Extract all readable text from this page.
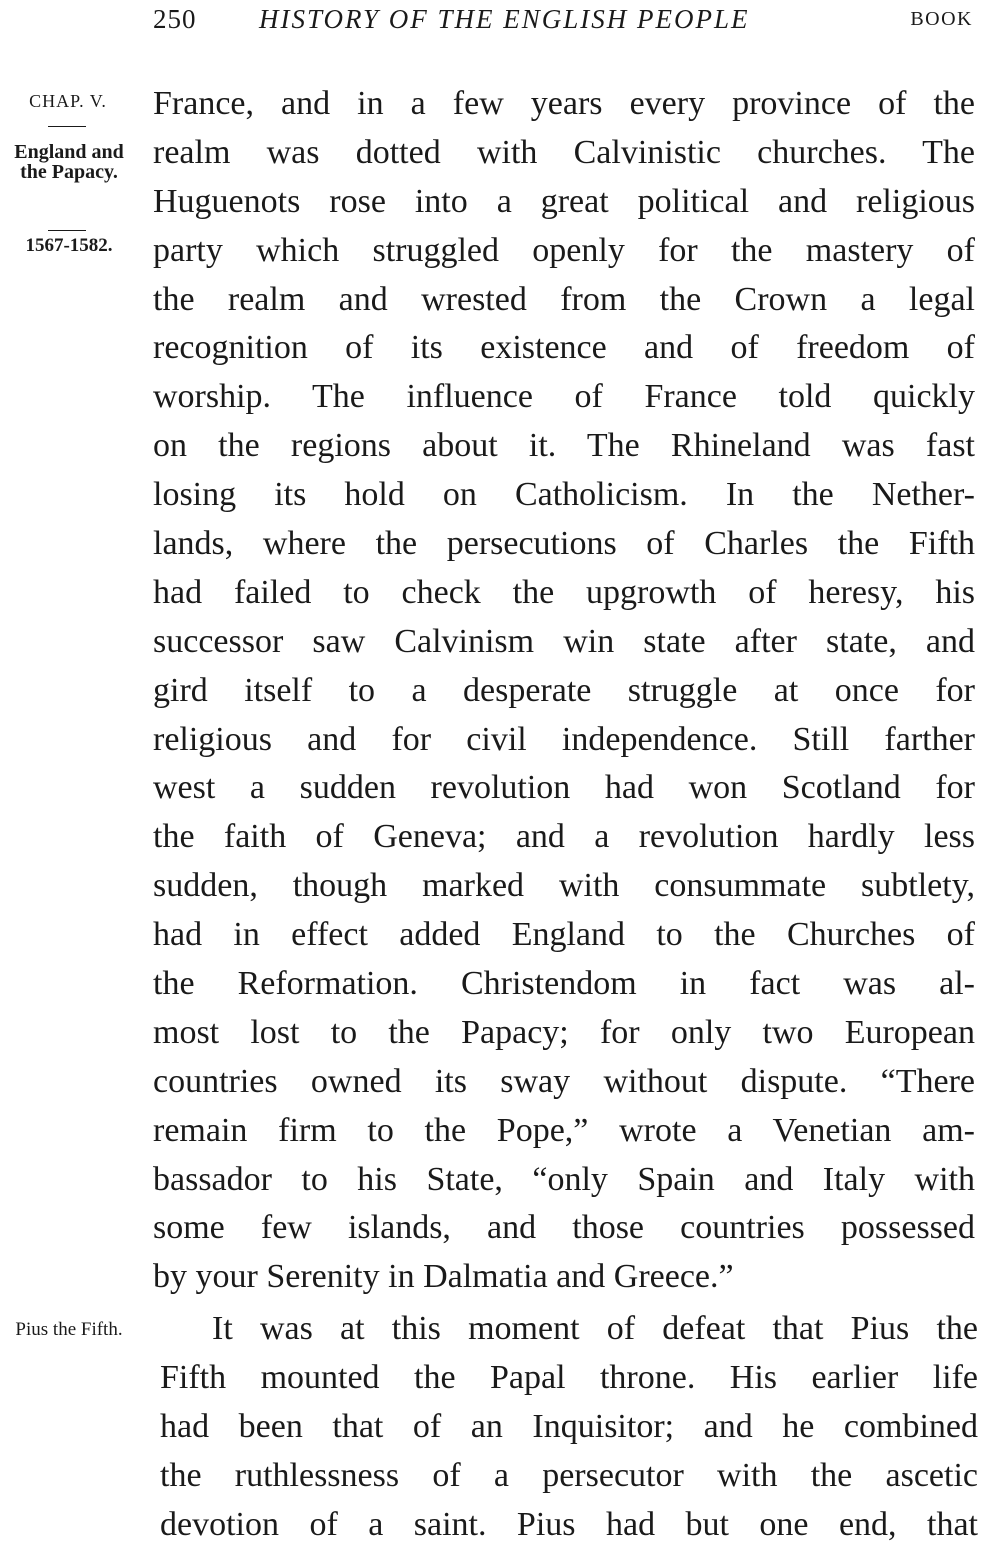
250 HISTORY OF THE ENGLISH PEOPLE	BOOK
CHAP. V.
England and the Papacy.
1567-1582.
Pius the Fifth.
France, and in a few years every province of the
realm was dotted with Calvinistic churches. The
Huguenots rose into a great political and religious
party which struggled openly for the mastery of
the realm and wrested from the Crown a legal
recognition of its existence and of freedom of
worship. The influence of France told quickly
on the regions about it. The Rhineland was fast
losing its hold on Catholicism. In the Nether-
lands, where the persecutions of Charles the Fifth
had failed to check the upgrowth of heresy, his
successor saw Calvinism win state after state, and
gird itself to a desperate struggle at once for
religious and for civil independence. Still farther
west a sudden revolution had won Scotland for
the faith of Geneva; and a revolution hardly less
sudden, though marked with consummate subtlety,
had in effect added England to the Churches of
the Reformation. Christendom in fact was al-
most lost to the Papacy; for only two European
countries owned its sway without dispute. “There
remain firm to the Pope,” wrote a Venetian am-
bassador to his State, “only Spain and Italy with
some few islands, and those countries possessed
by your Serenity in Dalmatia and Greece.”
It was at this moment of defeat that Pius the
Fifth mounted the Papal throne. His earlier life
had been that of an Inquisitor; and he combined
the ruthlessness of a persecutor with the ascetic
devotion of a saint. Pius had but one end, that
